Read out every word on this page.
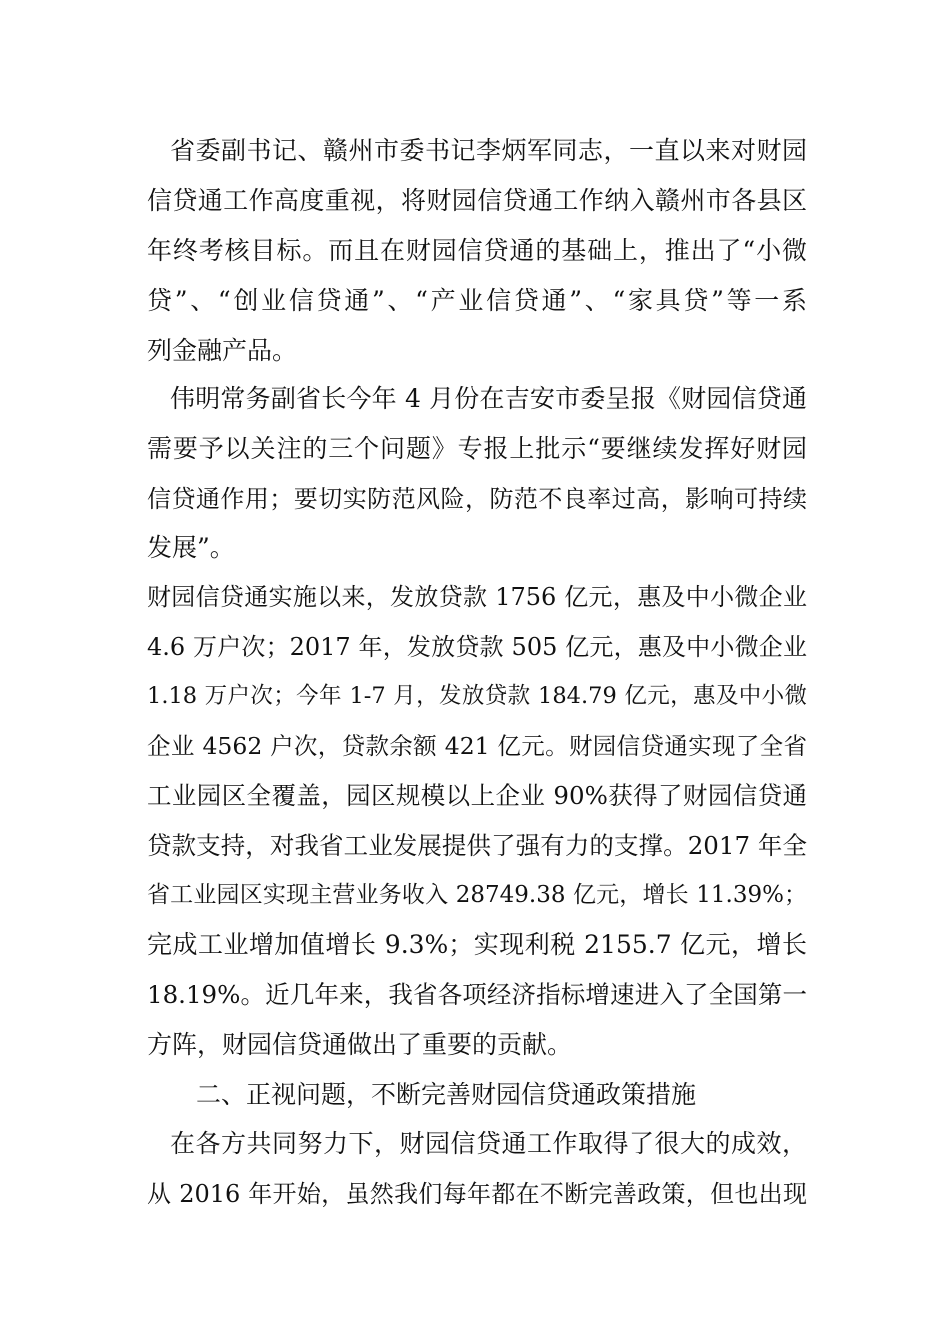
省委副书记、赣州市委书记李炳军同志，一直以来对财园
信贷通工作高度重视，将财园信贷通工作纳入赣州市各县区
年终考核目标。而且在财园信贷通的基础上，推出了“小微
贷”、“创业信贷通”、“产业信贷通”、“家具贷”等一系
列金融产品。
伟明常务副省长今年 4 月份在吉安市委呈报《财园信贷通
需要予以关注的三个问题》专报上批示“要继续发挥好财园
信贷通作用；要切实防范风险，防范不良率过高，影响可持续
发展”。
财园信贷通实施以来，发放贷款 1756 亿元，惠及中小微企业
4.6 万户次；2017 年，发放贷款 505 亿元，惠及中小微企业
1.18 万户次；今年 1-7 月，发放贷款 184.79 亿元，惠及中小微
企业 4562 户次，贷款余额 421 亿元。财园信贷通实现了全省
工业园区全覆盖，园区规模以上企业 90%获得了财园信贷通
贷款支持，对我省工业发展提供了强有力的支撑。2017 年全
省工业园区实现主营业务收入 28749.38 亿元，增长 11.39%；
完成工业增加值增长 9.3%；实现利税 2155.7 亿元，增长
18.19%。近几年来，我省各项经济指标增速进入了全国第一
方阵，财园信贷通做出了重要的贡献。
二、正视问题，不断完善财园信贷通政策措施
在各方共同努力下，财园信贷通工作取得了很大的成效，
从 2016 年开始，虽然我们每年都在不断完善政策，但也出现
